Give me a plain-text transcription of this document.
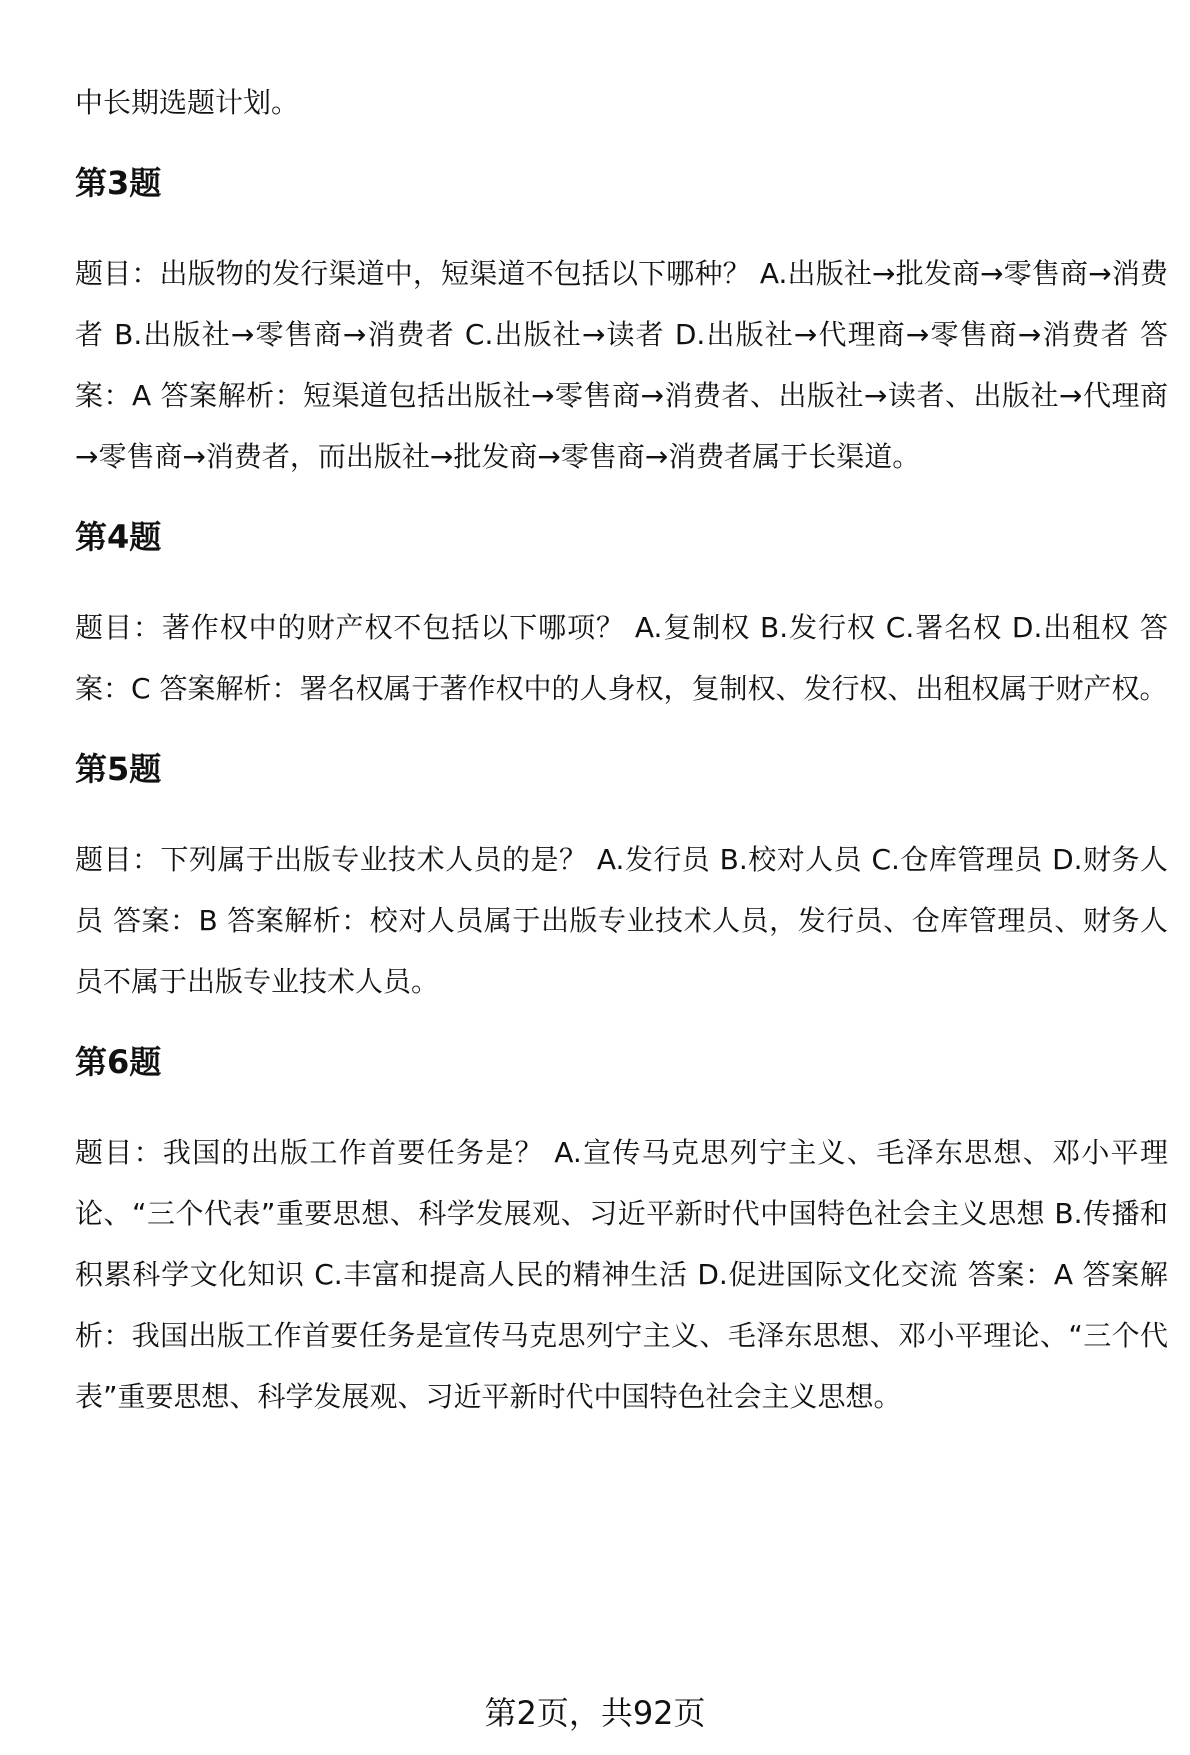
中长期选题计划。

第3题

题目：出版物的发行渠道中，短渠道不包括以下哪种？ A.出版社→批发商→零售商→消费者 B.出版社→零售商→消费者 C.出版社→读者 D.出版社→代理商→零售商→消费者 答案：A 答案解析：短渠道包括出版社→零售商→消费者、出版社→读者、出版社→代理商→零售商→消费者，而出版社→批发商→零售商→消费者属于长渠道。

第4题

题目：著作权中的财产权不包括以下哪项？ A.复制权 B.发行权 C.署名权 D.出租权 答案：C 答案解析：署名权属于著作权中的人身权，复制权、发行权、出租权属于财产权。

第5题

题目：下列属于出版专业技术人员的是？ A.发行员 B.校对人员 C.仓库管理员 D.财务人员 答案：B 答案解析：校对人员属于出版专业技术人员，发行员、仓库管理员、财务人员不属于出版专业技术人员。

第6题

题目：我国的出版工作首要任务是？ A.宣传马克思列宁主义、毛泽东思想、邓小平理论、“三个代表”重要思想、科学发展观、习近平新时代中国特色社会主义思想 B.传播和积累科学文化知识 C.丰富和提高人民的精神生活 D.促进国际文化交流 答案：A 答案解析：我国出版工作首要任务是宣传马克思列宁主义、毛泽东思想、邓小平理论、“三个代表”重要思想、科学发展观、习近平新时代中国特色社会主义思想。

第2页，共92页
